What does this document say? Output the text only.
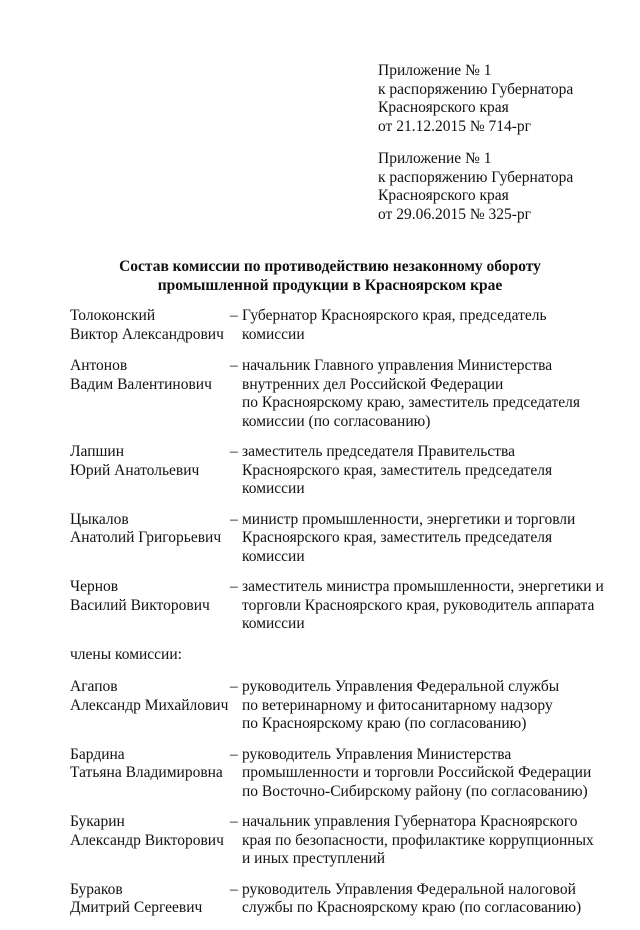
Приложение № 1
к распоряжению Губернатора
Красноярского края
от 21.12.2015 № 714-рг
Приложение № 1
к распоряжению Губернатора
Красноярского края
от 29.06.2015 № 325-рг
Состав комиссии по противодействию незаконному обороту
промышленной продукции в Красноярском крае
Толоконский
Виктор Александрович
– Губернатор Красноярского края, председатель
комиссии
Антонов
Вадим Валентинович
– начальник Главного управления Министерства
внутренних дел Российской Федерации
по Красноярскому краю, заместитель председателя
комиссии (по согласованию)
Лапшин
Юрий Анатольевич
– заместитель председателя Правительства
Красноярского края, заместитель председателя
комиссии
Цыкалов
Анатолий Григорьевич
– министр промышленности, энергетики и торговли
Красноярского края, заместитель председателя
комиссии
Чернов
Василий Викторович
– заместитель министра промышленности, энергетики и
торговли Красноярского края, руководитель аппарата
комиссии
члены комиссии:
Агапов
Александр Михайлович
– руководитель Управления Федеральной службы
по ветеринарному и фитосанитарному надзору
по Красноярскому краю (по согласованию)
Бардина
Татьяна Владимировна
– руководитель Управления Министерства
промышленности и торговли Российской Федерации
по Восточно-Сибирскому району (по согласованию)
Букарин
Александр Викторович
– начальник управления Губернатора Красноярского
края по безопасности, профилактике коррупционных
и иных преступлений
Бураков
Дмитрий Сергеевич
– руководитель Управления Федеральной налоговой
службы по Красноярскому краю (по согласованию)
